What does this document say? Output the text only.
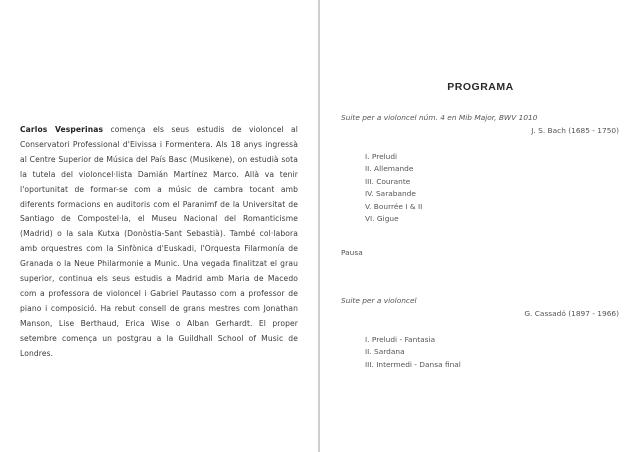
Carlos Vesperinas comença els seus estudis de violoncel al Conservatori Professional d'Eivissa i Formentera. Als 18 anys ingressà al Centre Superior de Música del País Basc (Musikene), on estudià sota la tutela del violoncel·lista Damián Martínez Marco. Allà va tenir l'oportunitat de formar-se com a músic de cambra tocant amb diferents formacions en auditoris com el Paranimf de la Universitat de Santiago de Compostel·la, el Museu Nacional del Romanticisme (Madrid) o la sala Kutxa (Donòstia-Sant Sebastià). També col·labora amb orquestres com la Sinfònica d'Euskadi, l'Orquesta Filarmonía de Granada o la Neue Philarmonie a Munic. Una vegada finalitzat el grau superior, continua els seus estudis a Madrid amb Maria de Macedo com a professora de violoncel i Gabriel Pautasso com a professor de piano i composició. Ha rebut consell de grans mestres com Jonathan Manson, Lise Berthaud, Erica Wise o Alban Gerhardt. El proper setembre comença un postgrau a la Guildhall School of Music de Londres.

PROGRAMA
Suite per a violoncel núm. 4 en Mib Major, BWV 1010
J. S. Bach (1685 - 1750)
I. Preludi
II. Allemande
III. Courante
IV. Sarabande
V. Bourrée I & II
VI. Gigue
Pausa
Suite per a violoncel
G. Cassadó (1897 - 1966)
I. Preludi - Fantasia
II. Sardana
III. Intermedi - Dansa final
